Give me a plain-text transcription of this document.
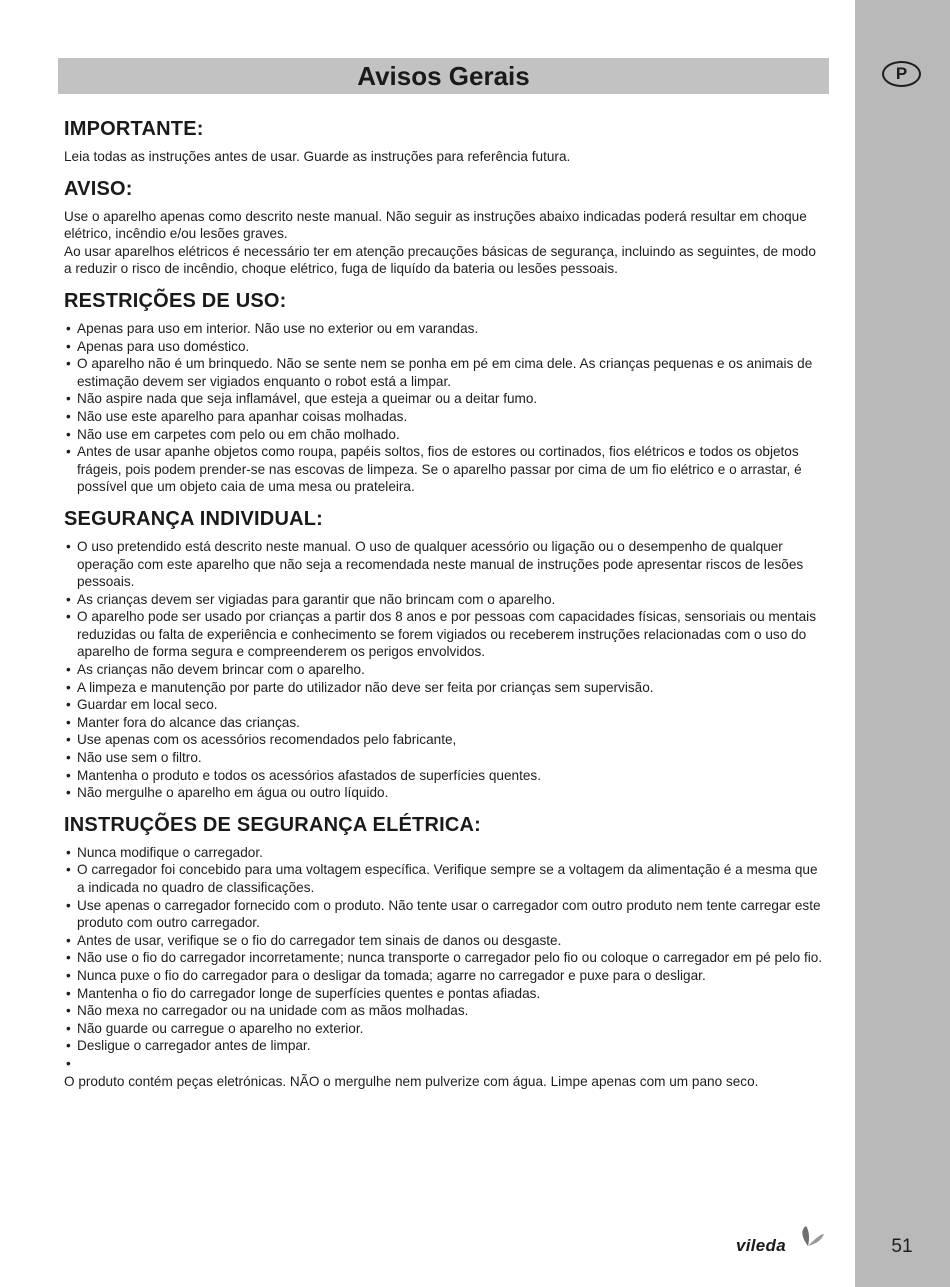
P
51
Avisos Gerais
IMPORTANTE:

Leia todas as instruções antes de usar. Guarde as instruções para referência futura.

AVISO:

Use o aparelho apenas como descrito neste manual. Não seguir as instruções abaixo indicadas poderá resultar em choque elétrico, incêndio e/ou lesões graves.

Ao usar aparelhos elétricos é necessário ter em atenção precauções básicas de segurança, incluindo as seguintes, de modo a reduzir o risco de incêndio, choque elétrico, fuga de liquído da bateria ou lesões pessoais.

RESTRIÇÕES DE USO:
• Apenas para uso em interior. Não use no exterior ou em varandas.
• Apenas para uso doméstico.
• O aparelho não é um brinquedo. Não se sente nem se ponha em pé em cima dele. As crianças pequenas e os animais de estimação devem ser vigiados enquanto o robot está a limpar.
• Não aspire nada que seja inflamável, que esteja a queimar ou a deitar fumo.
• Não use este aparelho para apanhar coisas molhadas.
• Não use em carpetes com pelo ou em chão molhado.
• Antes de usar apanhe objetos como roupa, papéis soltos, fios de estores ou cortinados, fios elétricos e todos os objetos frágeis, pois podem prender-se nas escovas de limpeza. Se o aparelho passar por cima de um fio elétrico e o arrastar, é possível que um objeto caia de uma mesa ou prateleira.
SEGURANÇA INDIVIDUAL:
• O uso pretendido está descrito neste manual. O uso de qualquer acessório ou ligação ou o desempenho de qualquer operação com este aparelho que não seja a recomendada neste manual de instruções pode apresentar riscos de lesões pessoais.
• As crianças devem ser vigiadas para garantir que não brincam com o aparelho.
• O aparelho pode ser usado por crianças a partir dos 8 anos e por pessoas com capacidades físicas, sensoriais ou mentais reduzidas ou falta de experiência e conhecimento se forem vigiados ou receberem instruções relacionadas com o uso do aparelho de forma segura e compreenderem os perigos envolvidos.
• As crianças não devem brincar com o aparelho.
• A limpeza e manutenção por parte do utilizador não deve ser feita por crianças sem supervisão.
• Guardar em local seco.
• Manter fora do alcance das crianças.
• Use apenas com os acessórios recomendados pelo fabricante,
• Não use sem o filtro.
• Mantenha o produto e todos os acessórios afastados de superfícies quentes.
• Não mergulhe o aparelho em água ou outro líquido.
INSTRUÇÕES DE SEGURANÇA ELÉTRICA:
• Nunca modifique o carregador.
• O carregador foi concebido para uma voltagem específica. Verifique sempre se a voltagem da alimentação é a mesma que a indicada no quadro de classificações.
• Use apenas o carregador fornecido com o produto. Não tente usar o carregador com outro produto nem tente carregar este produto com outro carregador.
• Antes de usar, verifique se o fio do carregador tem sinais de danos ou desgaste.
• Não use o fio do carregador incorretamente; nunca transporte o carregador pelo fio ou coloque o carregador em pé pelo fio.
• Nunca puxe o fio do carregador para o desligar da tomada; agarre no carregador e puxe para o desligar.
• Mantenha o fio do carregador longe de superfícies quentes e pontas afiadas.
• Não mexa no carregador ou na unidade com as mãos molhadas.
• Não guarde ou carregue o aparelho no exterior.
• Desligue o carregador antes de limpar.
•

O produto contém peças eletrónicas. NÃO o mergulhe nem pulverize com água. Limpe apenas com um pano seco.

vileda
